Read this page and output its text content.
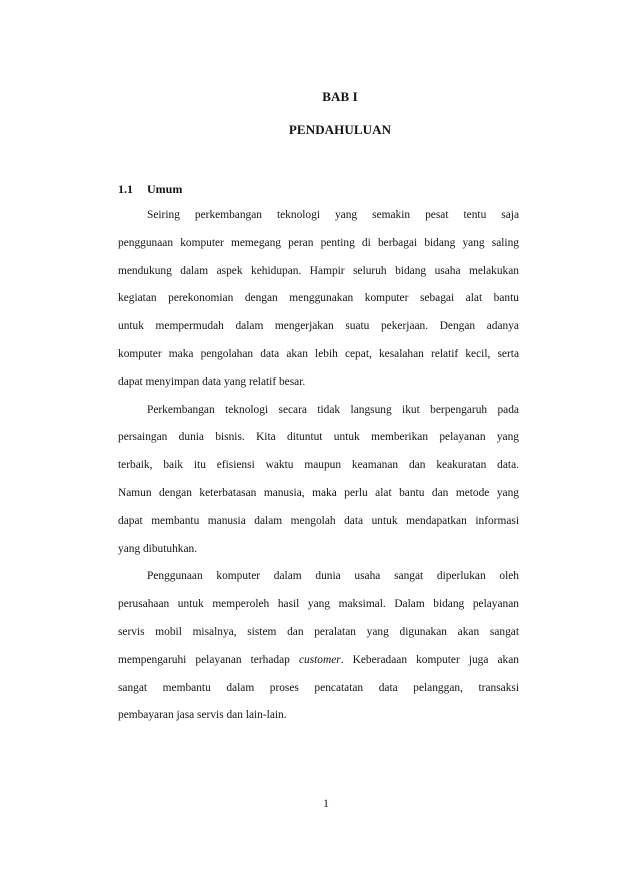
BAB I
PENDAHULUAN
1.1 Umum
Seiring perkembangan teknologi yang semakin pesat tentu saja
penggunaan komputer memegang peran penting di berbagai bidang yang saling
mendukung dalam aspek kehidupan. Hampir seluruh bidang usaha melakukan
kegiatan perekonomian dengan menggunakan komputer sebagai alat bantu
untuk mempermudah dalam mengerjakan suatu pekerjaan. Dengan adanya
komputer maka pengolahan data akan lebih cepat, kesalahan relatif kecil, serta
dapat menyimpan data yang relatif besar.
Perkembangan teknologi secara tidak langsung ikut berpengaruh pada
persaingan dunia bisnis. Kita dituntut untuk memberikan pelayanan yang
terbaik, baik itu efisiensi waktu maupun keamanan dan keakuratan data.
Namun dengan keterbatasan manusia, maka perlu alat bantu dan metode yang
dapat membantu manusia dalam mengolah data untuk mendapatkan informasi
yang dibutuhkan.
Penggunaan komputer dalam dunia usaha sangat diperlukan oleh
perusahaan untuk memperoleh hasil yang maksimal. Dalam bidang pelayanan
servis mobil misalnya, sistem dan peralatan yang digunakan akan sangat
mempengaruhi pelayanan terhadap customer. Keberadaan komputer juga akan
sangat membantu dalam proses pencatatan data pelanggan, transaksi
pembayaran jasa servis dan lain-lain.
1
